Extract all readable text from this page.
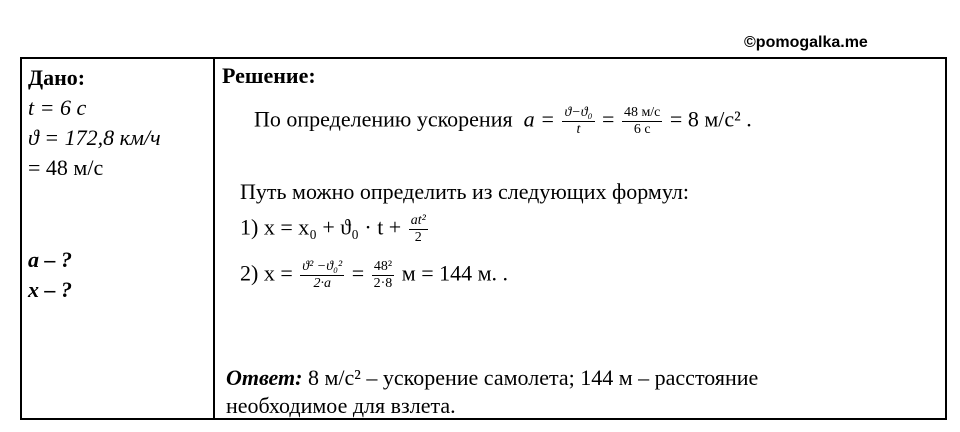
©pomogalka.me
Дано:
t = 6 с
ϑ = 172,8 км/ч
= 48 м/с
a – ?
x – ?
Решение:
По определению ускорения $a = \frac{\text{ϑ−ϑ₀}}{t} = \frac{48 м/с}{6 с} = 8$ м/с² .
Путь можно определить из следующих формул:
1) $x = x_0 + ϑ_0 \cdot t + \frac{\text{at²}}{2}$
2) $x = \frac{\text{ϑ² −ϑ₀²}}{2\cdot a} = \frac{\text{48²}}{2\cdot 8}$ м = 144 м. .
Ответ: 8 м/с² – ускорение самолета; 144 м – расстояние
необходимое для взлета.
